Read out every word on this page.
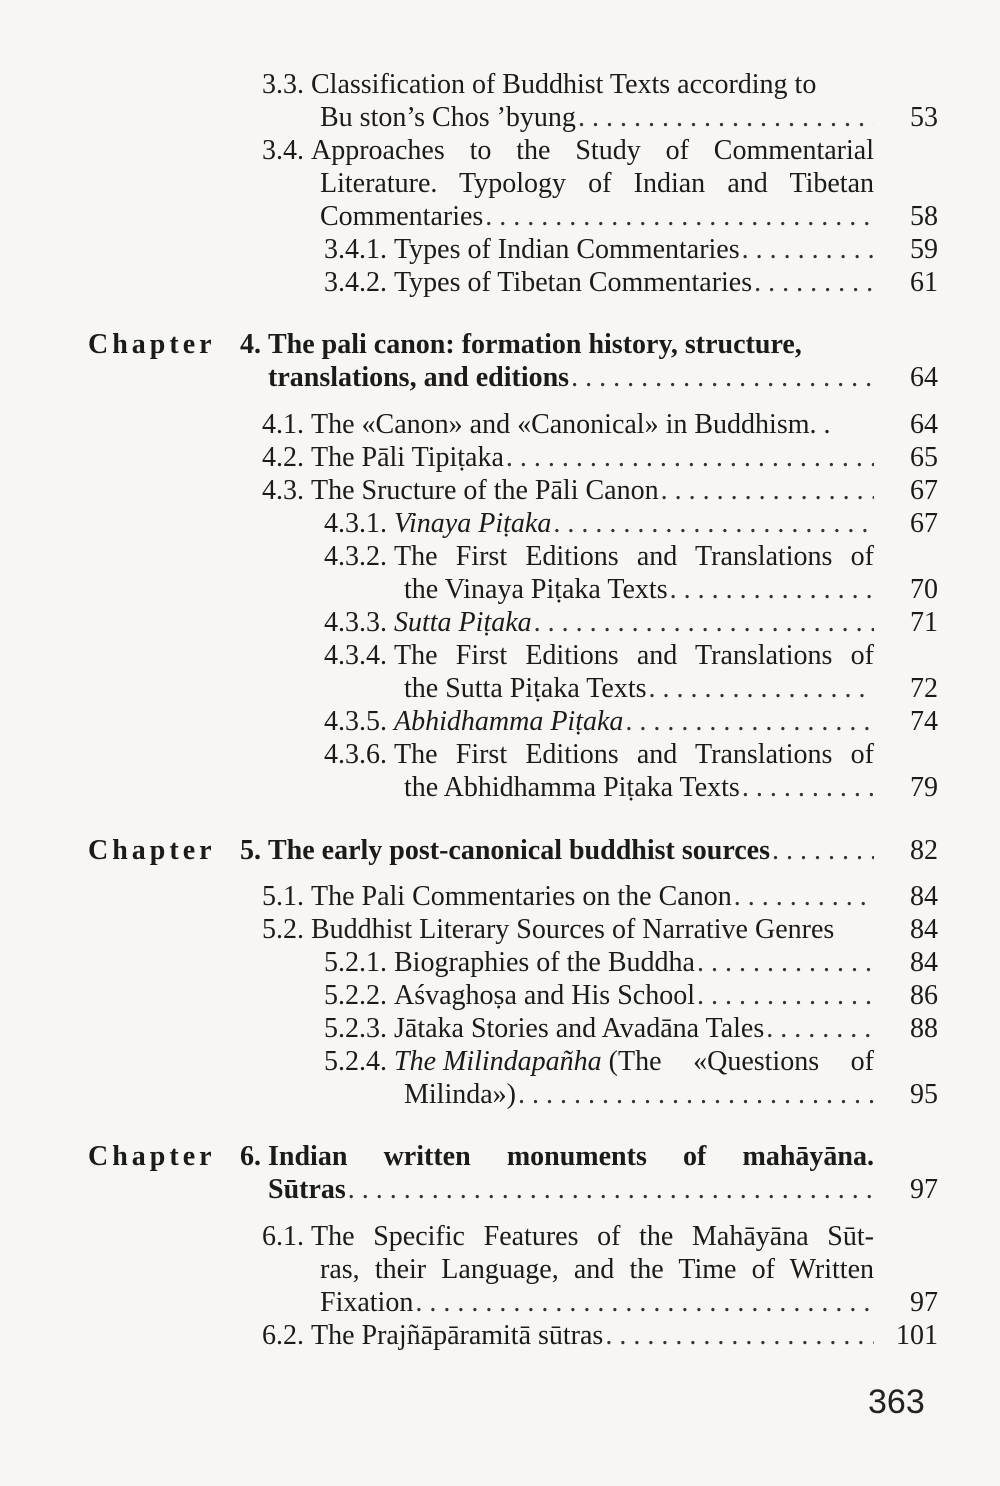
3.3.
Classification of Buddhist Texts according to
Bu ston’s Chos ’byung . . .	53
3.4.
Approaches to the Study of Commentarial
Literature. Typology of Indian and Tibetan
Commentaries . . .	58
3.4.1.
Types of Indian Commentaries . . .	59
3.4.2.
Types of Tibetan Commentaries . . .	61
Chapter 4.
The pali canon: formation history, structure,
translations, and editions . . .	64
4.1.
The «Canon» and «Canonical» in Buddhism. .	64
4.2.
The Pāli Tipiṭaka . . .	65
4.3.
The Sructure of the Pāli Canon . . .	67
4.3.1.
Vinaya Piṭaka . . .	67
4.3.2.
The First Editions and Translations of
the Vinaya Piṭaka Texts . . .	70
4.3.3.
Sutta Piṭaka . . .	71
4.3.4.
The First Editions and Translations of
the Sutta Piṭaka Texts . . .	72
4.3.5.
Abhidhamma Piṭaka . . .	74
4.3.6.
The First Editions and Translations of
the Abhidhamma Piṭaka Texts . . .	79
Chapter 5.
The early post-canonical buddhist sources . . .	82
5.1.
The Pali Commentaries on the Canon . . .	84
5.2.
Buddhist Literary Sources of Narrative Genres	84
5.2.1.
Biographies of the Buddha . . .	84
5.2.2.
Aśvaghoṣa and His School . . .	86
5.2.3.
Jātaka Stories and Avadāna Tales . . .	88
5.2.4.
The Milindapañha
(The «Questions of
Milinda») . . .	95
Chapter 6.
Indian written monuments of mahāyāna.
Sūtras . . .	97
6.1.
The Specific Features of the Mahāyāna Sūt-
ras, their Language, and the Time of Written
Fixation . . .	97
6.2.
The Prajñāpāramitā sūtras . . .	101
363
